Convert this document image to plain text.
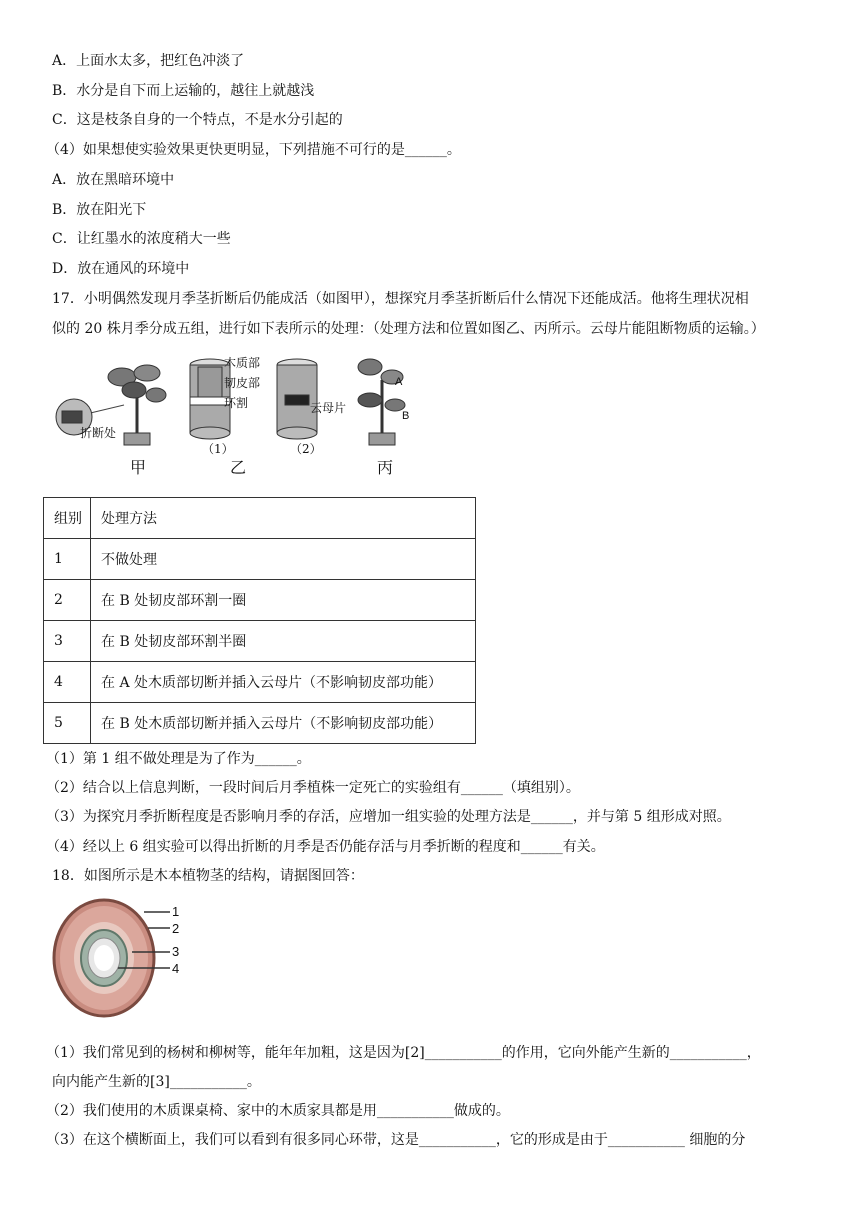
A．上面水太多，把红色冲淡了
B．水分是自下而上运输的，越往上就越浅
C．这是枝条自身的一个特点，不是水分引起的
（4）如果想使实验效果更快更明显，下列措施不可行的是______。
A．放在黑暗环境中
B．放在阳光下
C．让红墨水的浓度稍大一些
D．放在通风的环境中
17．小明偶然发现月季茎折断后仍能成活（如图甲），想探究月季茎折断后什么情况下还能成活。他将生理状况相
似的 20 株月季分成五组，进行如下表所示的处理：（处理方法和位置如图乙、丙所示。云母片能阻断物质的运输。）
折断处
甲
（1）
木质部
韧皮部
环割
（2）
云母片
乙
A
B
丙
组别	处理方法
1	不做处理
2	在 B 处韧皮部环割一圈
3	在 B 处韧皮部环割半圈
4	在 A 处木质部切断并插入云母片（不影响韧皮部功能）
5	在 B 处木质部切断并插入云母片（不影响韧皮部功能）
（1）第 1 组不做处理是为了作为______。
（2）结合以上信息判断，一段时间后月季植株一定死亡的实验组有______（填组别）。
（3）为探究月季折断程度是否影响月季的存活，应增加一组实验的处理方法是______，并与第 5 组形成对照。
（4）经以上 6 组实验可以得出折断的月季是否仍能存活与月季折断的程度和______有关。
18．如图所示是木本植物茎的结构，请据图回答：
1
2
3
4
（1）我们常见到的杨树和柳树等，能年年加粗，这是因为[2]___________的作用，它向外能产生新的___________，
向内能产生新的[3]___________。
（2）我们使用的木质课桌椅、家中的木质家具都是用___________做成的。
（3）在这个横断面上，我们可以看到有很多同心环带，这是___________，它的形成是由于___________ 细胞的分
